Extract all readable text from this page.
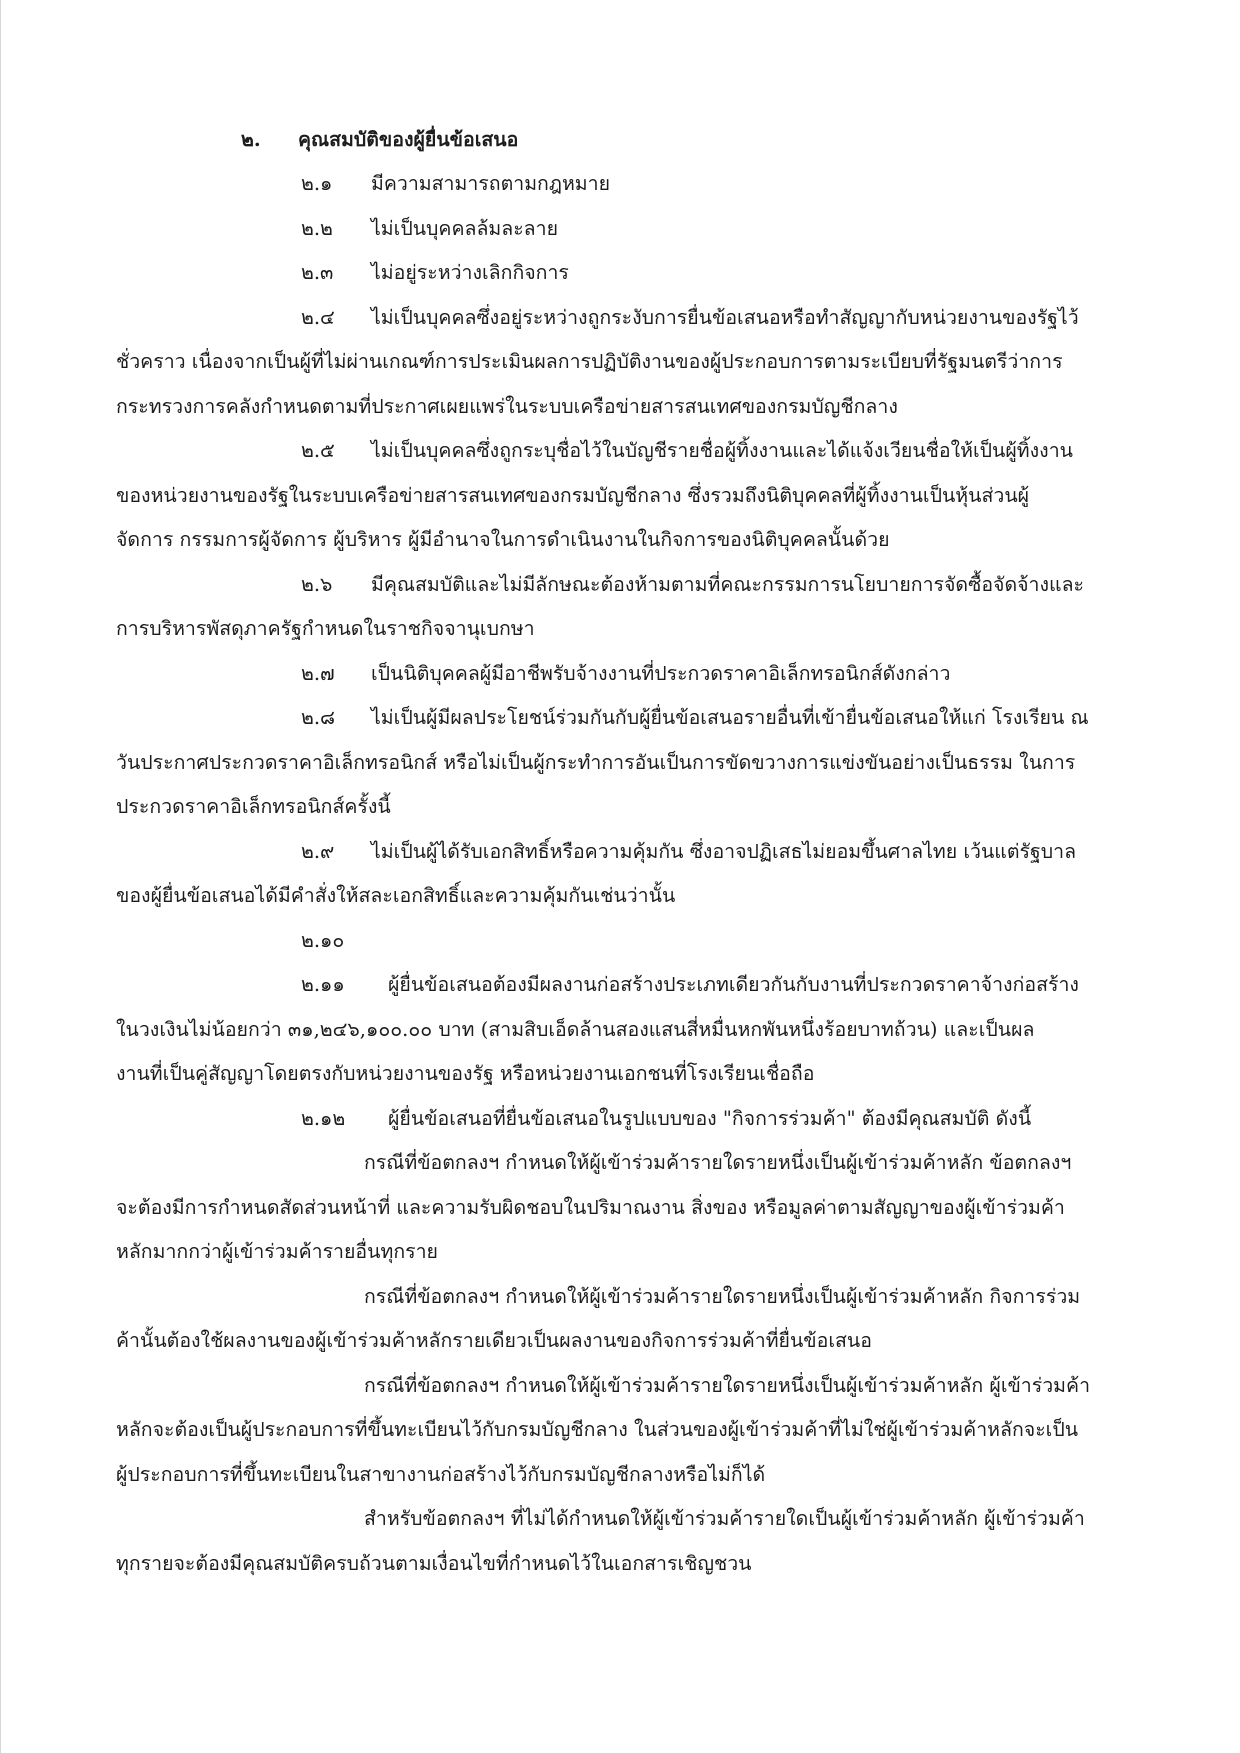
๒. คุณสมบัติของผู้ยื่นข้อเสนอ
๒.๑ มีความสามารถตามกฎหมาย
๒.๒ ไม่เป็นบุคคลล้มละลาย
๒.๓ ไม่อยู่ระหว่างเลิกกิจการ
๒.๔ ไม่เป็นบุคคลซึ่งอยู่ระหว่างถูกระงับการยื่นข้อเสนอหรือทำสัญญากับหน่วยงานของรัฐไว้
ชั่วคราว เนื่องจากเป็นผู้ที่ไม่ผ่านเกณฑ์การประเมินผลการปฏิบัติงานของผู้ประกอบการตามระเบียบที่รัฐมนตรีว่าการ
กระทรวงการคลังกำหนดตามที่ประกาศเผยแพร่ในระบบเครือข่ายสารสนเทศของกรมบัญชีกลาง
๒.๕ ไม่เป็นบุคคลซึ่งถูกระบุชื่อไว้ในบัญชีรายชื่อผู้ทิ้งงานและได้แจ้งเวียนชื่อให้เป็นผู้ทิ้งงาน
ของหน่วยงานของรัฐในระบบเครือข่ายสารสนเทศของกรมบัญชีกลาง ซึ่งรวมถึงนิติบุคคลที่ผู้ทิ้งงานเป็นหุ้นส่วนผู้
จัดการ กรรมการผู้จัดการ ผู้บริหาร ผู้มีอำนาจในการดำเนินงานในกิจการของนิติบุคคลนั้นด้วย
๒.๖ มีคุณสมบัติและไม่มีลักษณะต้องห้ามตามที่คณะกรรมการนโยบายการจัดซื้อจัดจ้างและ
การบริหารพัสดุภาครัฐกำหนดในราชกิจจานุเบกษา
๒.๗ เป็นนิติบุคคลผู้มีอาชีพรับจ้างงานที่ประกวดราคาอิเล็กทรอนิกส์ดังกล่าว
๒.๘ ไม่เป็นผู้มีผลประโยชน์ร่วมกันกับผู้ยื่นข้อเสนอรายอื่นที่เข้ายื่นข้อเสนอให้แก่ โรงเรียน ณ
วันประกาศประกวดราคาอิเล็กทรอนิกส์ หรือไม่เป็นผู้กระทำการอันเป็นการขัดขวางการแข่งขันอย่างเป็นธรรม ในการ
ประกวดราคาอิเล็กทรอนิกส์ครั้งนี้
๒.๙ ไม่เป็นผู้ได้รับเอกสิทธิ์หรือความคุ้มกัน ซึ่งอาจปฏิเสธไม่ยอมขึ้นศาลไทย เว้นแต่รัฐบาล
ของผู้ยื่นข้อเสนอได้มีคำสั่งให้สละเอกสิทธิ์และความคุ้มกันเช่นว่านั้น
๒.๑๐
๒.๑๑ ผู้ยื่นข้อเสนอต้องมีผลงานก่อสร้างประเภทเดียวกันกับงานที่ประกวดราคาจ้างก่อสร้าง
ในวงเงินไม่น้อยกว่า ๓๑,๒๔๖,๑๐๐.๐๐ บาท (สามสิบเอ็ดล้านสองแสนสี่หมื่นหกพันหนึ่งร้อยบาทถ้วน) และเป็นผล
งานที่เป็นคู่สัญญาโดยตรงกับหน่วยงานของรัฐ หรือหน่วยงานเอกชนที่โรงเรียนเชื่อถือ
๒.๑๒ ผู้ยื่นข้อเสนอที่ยื่นข้อเสนอในรูปแบบของ "กิจการร่วมค้า" ต้องมีคุณสมบัติ ดังนี้
กรณีที่ข้อตกลงฯ กำหนดให้ผู้เข้าร่วมค้ารายใดรายหนึ่งเป็นผู้เข้าร่วมค้าหลัก ข้อตกลงฯ
จะต้องมีการกำหนดสัดส่วนหน้าที่ และความรับผิดชอบในปริมาณงาน สิ่งของ หรือมูลค่าตามสัญญาของผู้เข้าร่วมค้า
หลักมากกว่าผู้เข้าร่วมค้ารายอื่นทุกราย
กรณีที่ข้อตกลงฯ กำหนดให้ผู้เข้าร่วมค้ารายใดรายหนึ่งเป็นผู้เข้าร่วมค้าหลัก กิจการร่วม
ค้านั้นต้องใช้ผลงานของผู้เข้าร่วมค้าหลักรายเดียวเป็นผลงานของกิจการร่วมค้าที่ยื่นข้อเสนอ
กรณีที่ข้อตกลงฯ กำหนดให้ผู้เข้าร่วมค้ารายใดรายหนึ่งเป็นผู้เข้าร่วมค้าหลัก ผู้เข้าร่วมค้า
หลักจะต้องเป็นผู้ประกอบการที่ขึ้นทะเบียนไว้กับกรมบัญชีกลาง ในส่วนของผู้เข้าร่วมค้าที่ไม่ใช่ผู้เข้าร่วมค้าหลักจะเป็น
ผู้ประกอบการที่ขึ้นทะเบียนในสาขางานก่อสร้างไว้กับกรมบัญชีกลางหรือไม่ก็ได้
สำหรับข้อตกลงฯ ที่ไม่ได้กำหนดให้ผู้เข้าร่วมค้ารายใดเป็นผู้เข้าร่วมค้าหลัก ผู้เข้าร่วมค้า
ทุกรายจะต้องมีคุณสมบัติครบถ้วนตามเงื่อนไขที่กำหนดไว้ในเอกสารเชิญชวน
